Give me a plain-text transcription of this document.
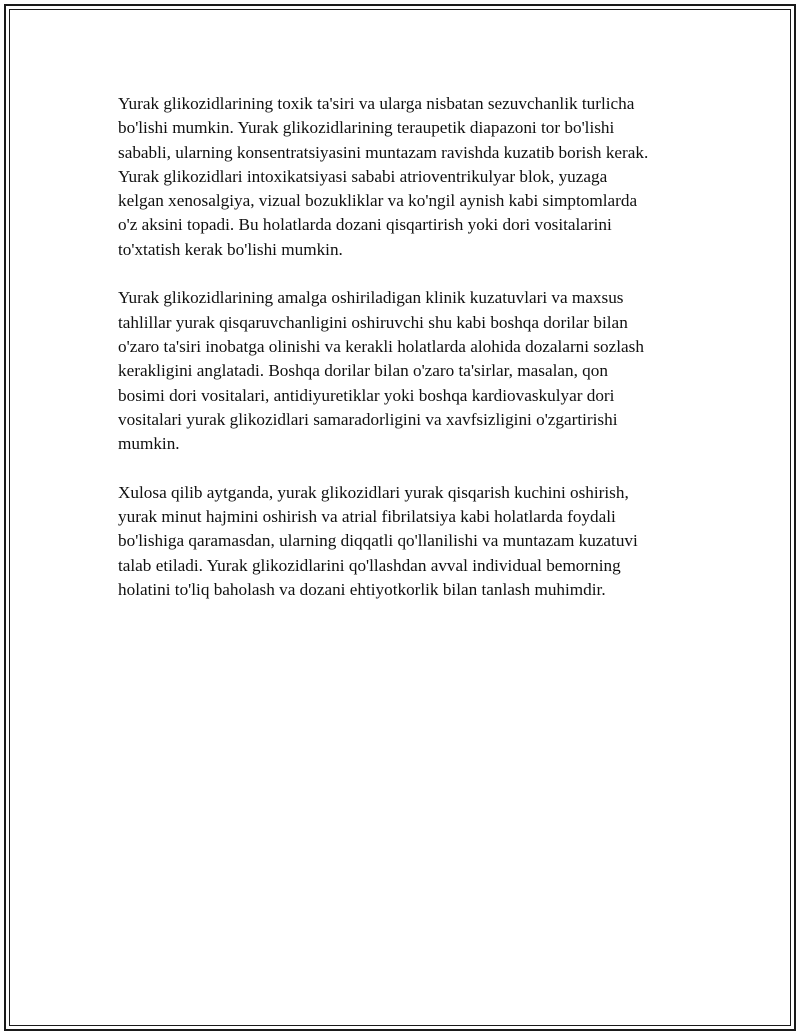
Yurak glikozidlarining toxik ta'siri va ularga nisbatan sezuvchanlik turlicha
bo'lishi mumkin. Yurak glikozidlarining teraupetik diapazoni tor bo'lishi
sababli, ularning konsentratsiyasini muntazam ravishda kuzatib borish kerak.
Yurak glikozidlari intoxikatsiyasi sababi atrioventrikulyar blok, yuzaga
kelgan xenosalgiya, vizual bozukliklar va ko'ngil aynish kabi simptomlarda
o'z aksini topadi. Bu holatlarda dozani qisqartirish yoki dori vositalarini
to'xtatish kerak bo'lishi mumkin.

Yurak glikozidlarining amalga oshiriladigan klinik kuzatuvlari va maxsus
tahlillar yurak qisqaruvchanligini oshiruvchi shu kabi boshqa dorilar bilan
o'zaro ta'siri inobatga olinishi va kerakli holatlarda alohida dozalarni sozlash
kerakligini anglatadi. Boshqa dorilar bilan o'zaro ta'sirlar, masalan, qon
bosimi dori vositalari, antidiyuretiklar yoki boshqa kardiovaskulyar dori
vositalari yurak glikozidlari samaradorligini va xavfsizligini o'zgartirishi
mumkin.

Xulosa qilib aytganda, yurak glikozidlari yurak qisqarish kuchini oshirish,
yurak minut hajmini oshirish va atrial fibrilatsiya kabi holatlarda foydali
bo'lishiga qaramasdan, ularning diqqatli qo'llanilishi va muntazam kuzatuvi
talab etiladi. Yurak glikozidlarini qo'llashdan avval individual bemorning
holatini to'liq baholash va dozani ehtiyotkorlik bilan tanlash muhimdir.
